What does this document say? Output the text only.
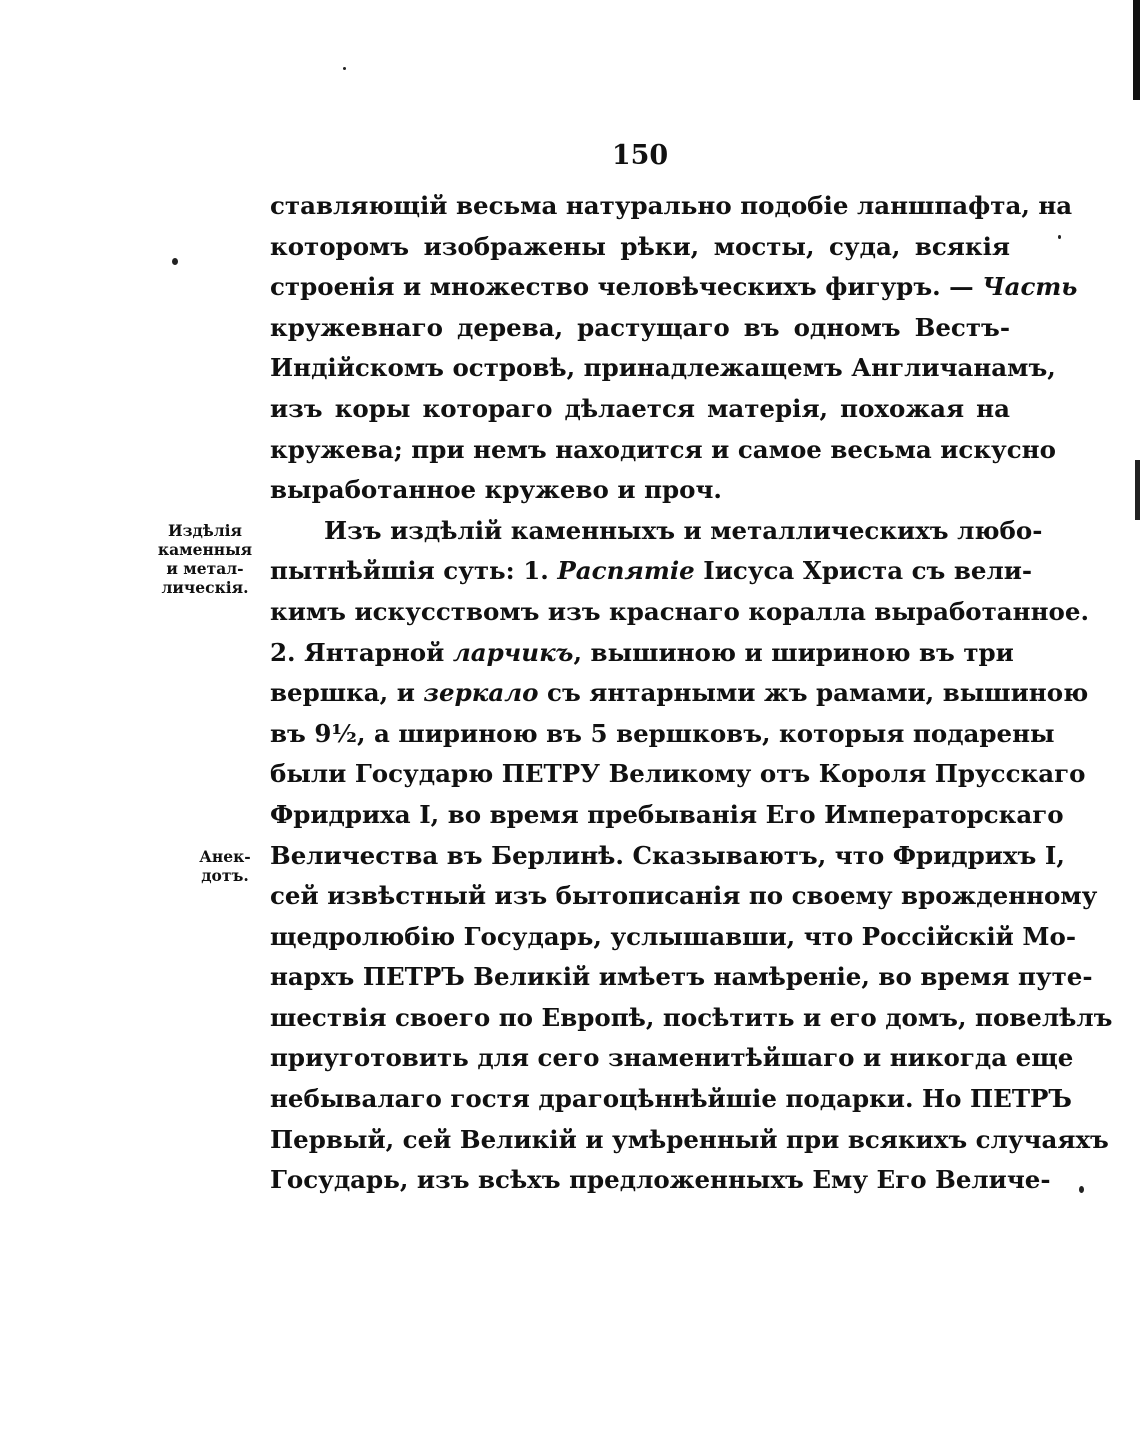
150
Издѣлія
каменныя
и метал-
лическія.
Анек-
дотъ.
ставляющій весьма натурально подобіе ланшпафта, на
которомъ изображены рѣки, мосты, суда, всякія
строенія и множество человѣческихъ фигуръ. — Часть
кружевнаго дерева, растущаго въ одномъ Вестъ-
Индійскомъ островѣ, принадлежащемъ Англичанамъ,
изъ коры котораго дѣлается матерія, похожая на
кружева; при немъ находится и самое весьма искусно
выработанное кружево и проч.
Изъ издѣлій каменныхъ и металлическихъ любо-
пытнѣйшія суть: 1. Распятіе Іисуса Христа съ вели-
кимъ искусствомъ изъ краснаго коралла выработанное.
2. Янтарной ларчикъ, вышиною и шириною въ три
вершка, и зеркало съ янтарными жъ рамами, вышиною
въ 9½, а шириною въ 5 вершковъ, которыя подарены
были Государю ПЕТРУ Великому отъ Короля Прусскаго
Фридриха I, во время пребыванія Его Императорскаго
Величества въ Берлинѣ. Сказываютъ, что Фридрихъ I,
сей извѣстный изъ бытописанія по своему врожденному
щедролюбію Государь, услышавши, что Россійскій Мо-
нархъ ПЕТРЪ Великій имѣетъ намѣреніе, во время путе-
шествія своего по Европѣ, посѣтить и его домъ, повелѣлъ
приуготовить для сего знаменитѣйшаго и никогда еще
небывалаго гостя драгоцѣннѣйшіе подарки. Но ПЕТРЪ
Первый, сей Великій и умѣренный при всякихъ случаяхъ
Государь, изъ всѣхъ предложенныхъ Ему Его Величе-
